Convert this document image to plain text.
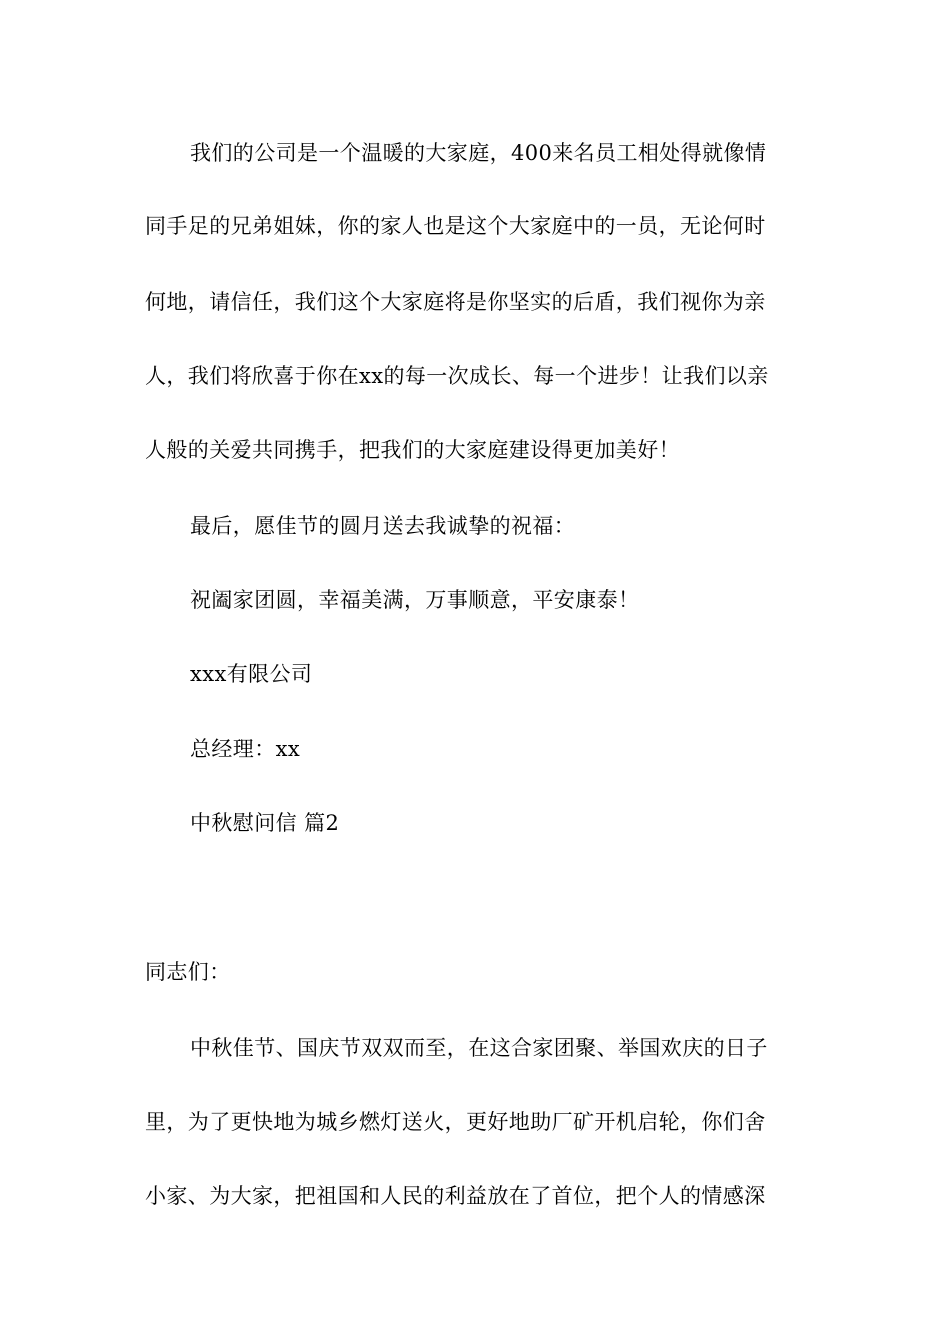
我们的公司是一个温暖的大家庭，400来名员工相处得就像情
同手足的兄弟姐妹，你的家人也是这个大家庭中的一员，无论何时
何地，请信任，我们这个大家庭将是你坚实的后盾，我们视你为亲
人，我们将欣喜于你在xx的每一次成长、每一个进步！让我们以亲
人般的关爱共同携手，把我们的大家庭建设得更加美好！
最后，愿佳节的圆月送去我诚挚的祝福：
祝阖家团圆，幸福美满，万事顺意，平安康泰！
xxx有限公司
总经理：xx
中秋慰问信 篇2
同志们：
中秋佳节、国庆节双双而至，在这合家团聚、举国欢庆的日子
里，为了更快地为城乡燃灯送火，更好地助厂矿开机启轮，你们舍
小家、为大家，把祖国和人民的利益放在了首位，把个人的情感深
